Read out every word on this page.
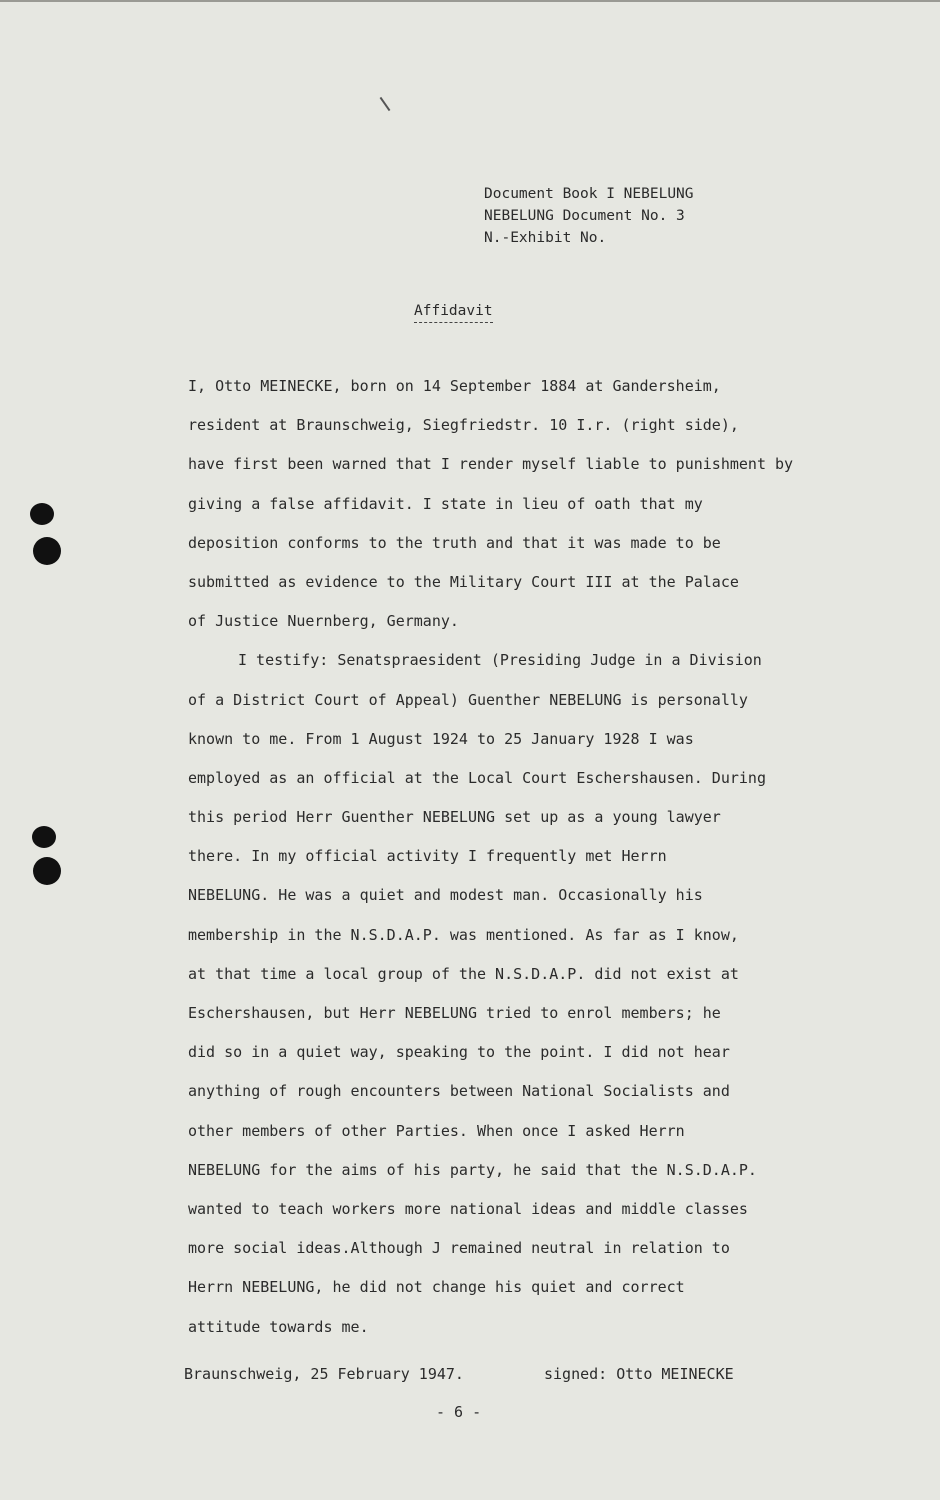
Document Book I NEBELUNG
NEBELUNG Document No. 3
N.-Exhibit No.
Affidavit
I, Otto MEINECKE, born on 14 September 1884 at Gandersheim,
resident at Braunschweig, Siegfriedstr. 10 I.r. (right side),
have first been warned that I render myself liable to punishment by
giving a false affidavit. I state in lieu of oath that my
deposition conforms to the truth and that it was made to be
submitted as evidence to the Military Court III at the Palace
of Justice Nuernberg, Germany.
I testify: Senatspraesident (Presiding Judge in a Division
of a District Court of Appeal) Guenther NEBELUNG is personally
known to me. From 1 August 1924 to 25 January 1928 I was
employed as an official at the Local Court Eschershausen. During
this period Herr Guenther NEBELUNG set up as a young lawyer
there. In my official activity I frequently met Herrn
NEBELUNG. He was a quiet and modest man. Occasionally his
membership in the N.S.D.A.P. was mentioned. As far as I know,
at that time a local group of the N.S.D.A.P. did not exist at
Eschershausen, but Herr NEBELUNG tried to enrol members; he
did so in a quiet way, speaking to the point. I did not hear
anything of rough encounters between National Socialists and
other members of other Parties. When once I asked Herrn
NEBELUNG for the aims of his party, he said that the N.S.D.A.P.
wanted to teach workers more national ideas and middle classes
more social ideas.Although J remained neutral in relation to
Herrn NEBELUNG, he did not change his quiet and correct
attitude towards me.
Braunschweig, 25 February 1947.	signed: Otto MEINECKE
- 6 -
